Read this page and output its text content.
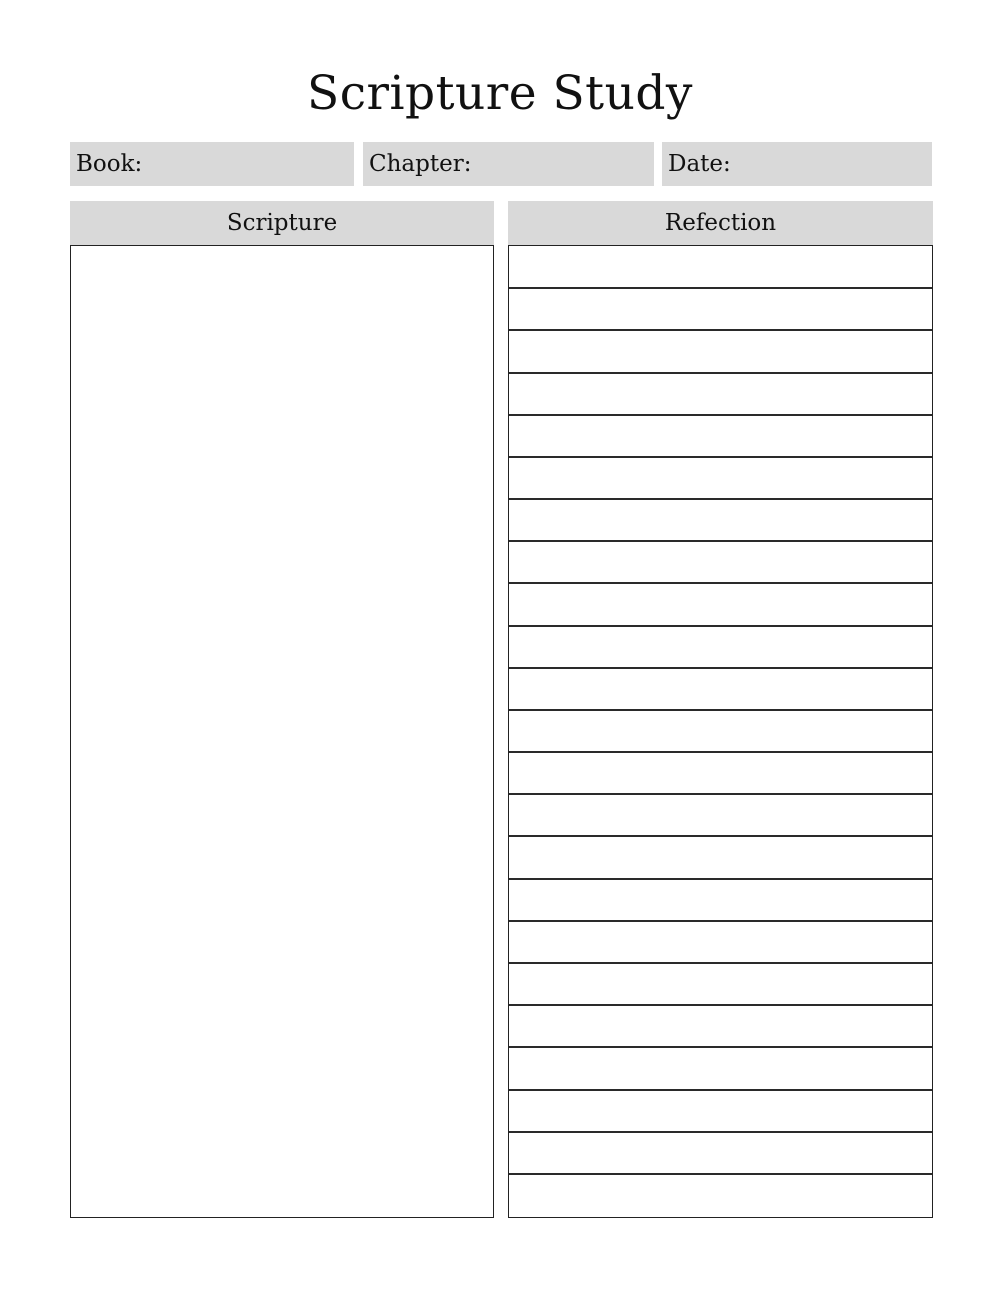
Scripture Study
Book:	Chapter:	Date:
Scripture	Refection
